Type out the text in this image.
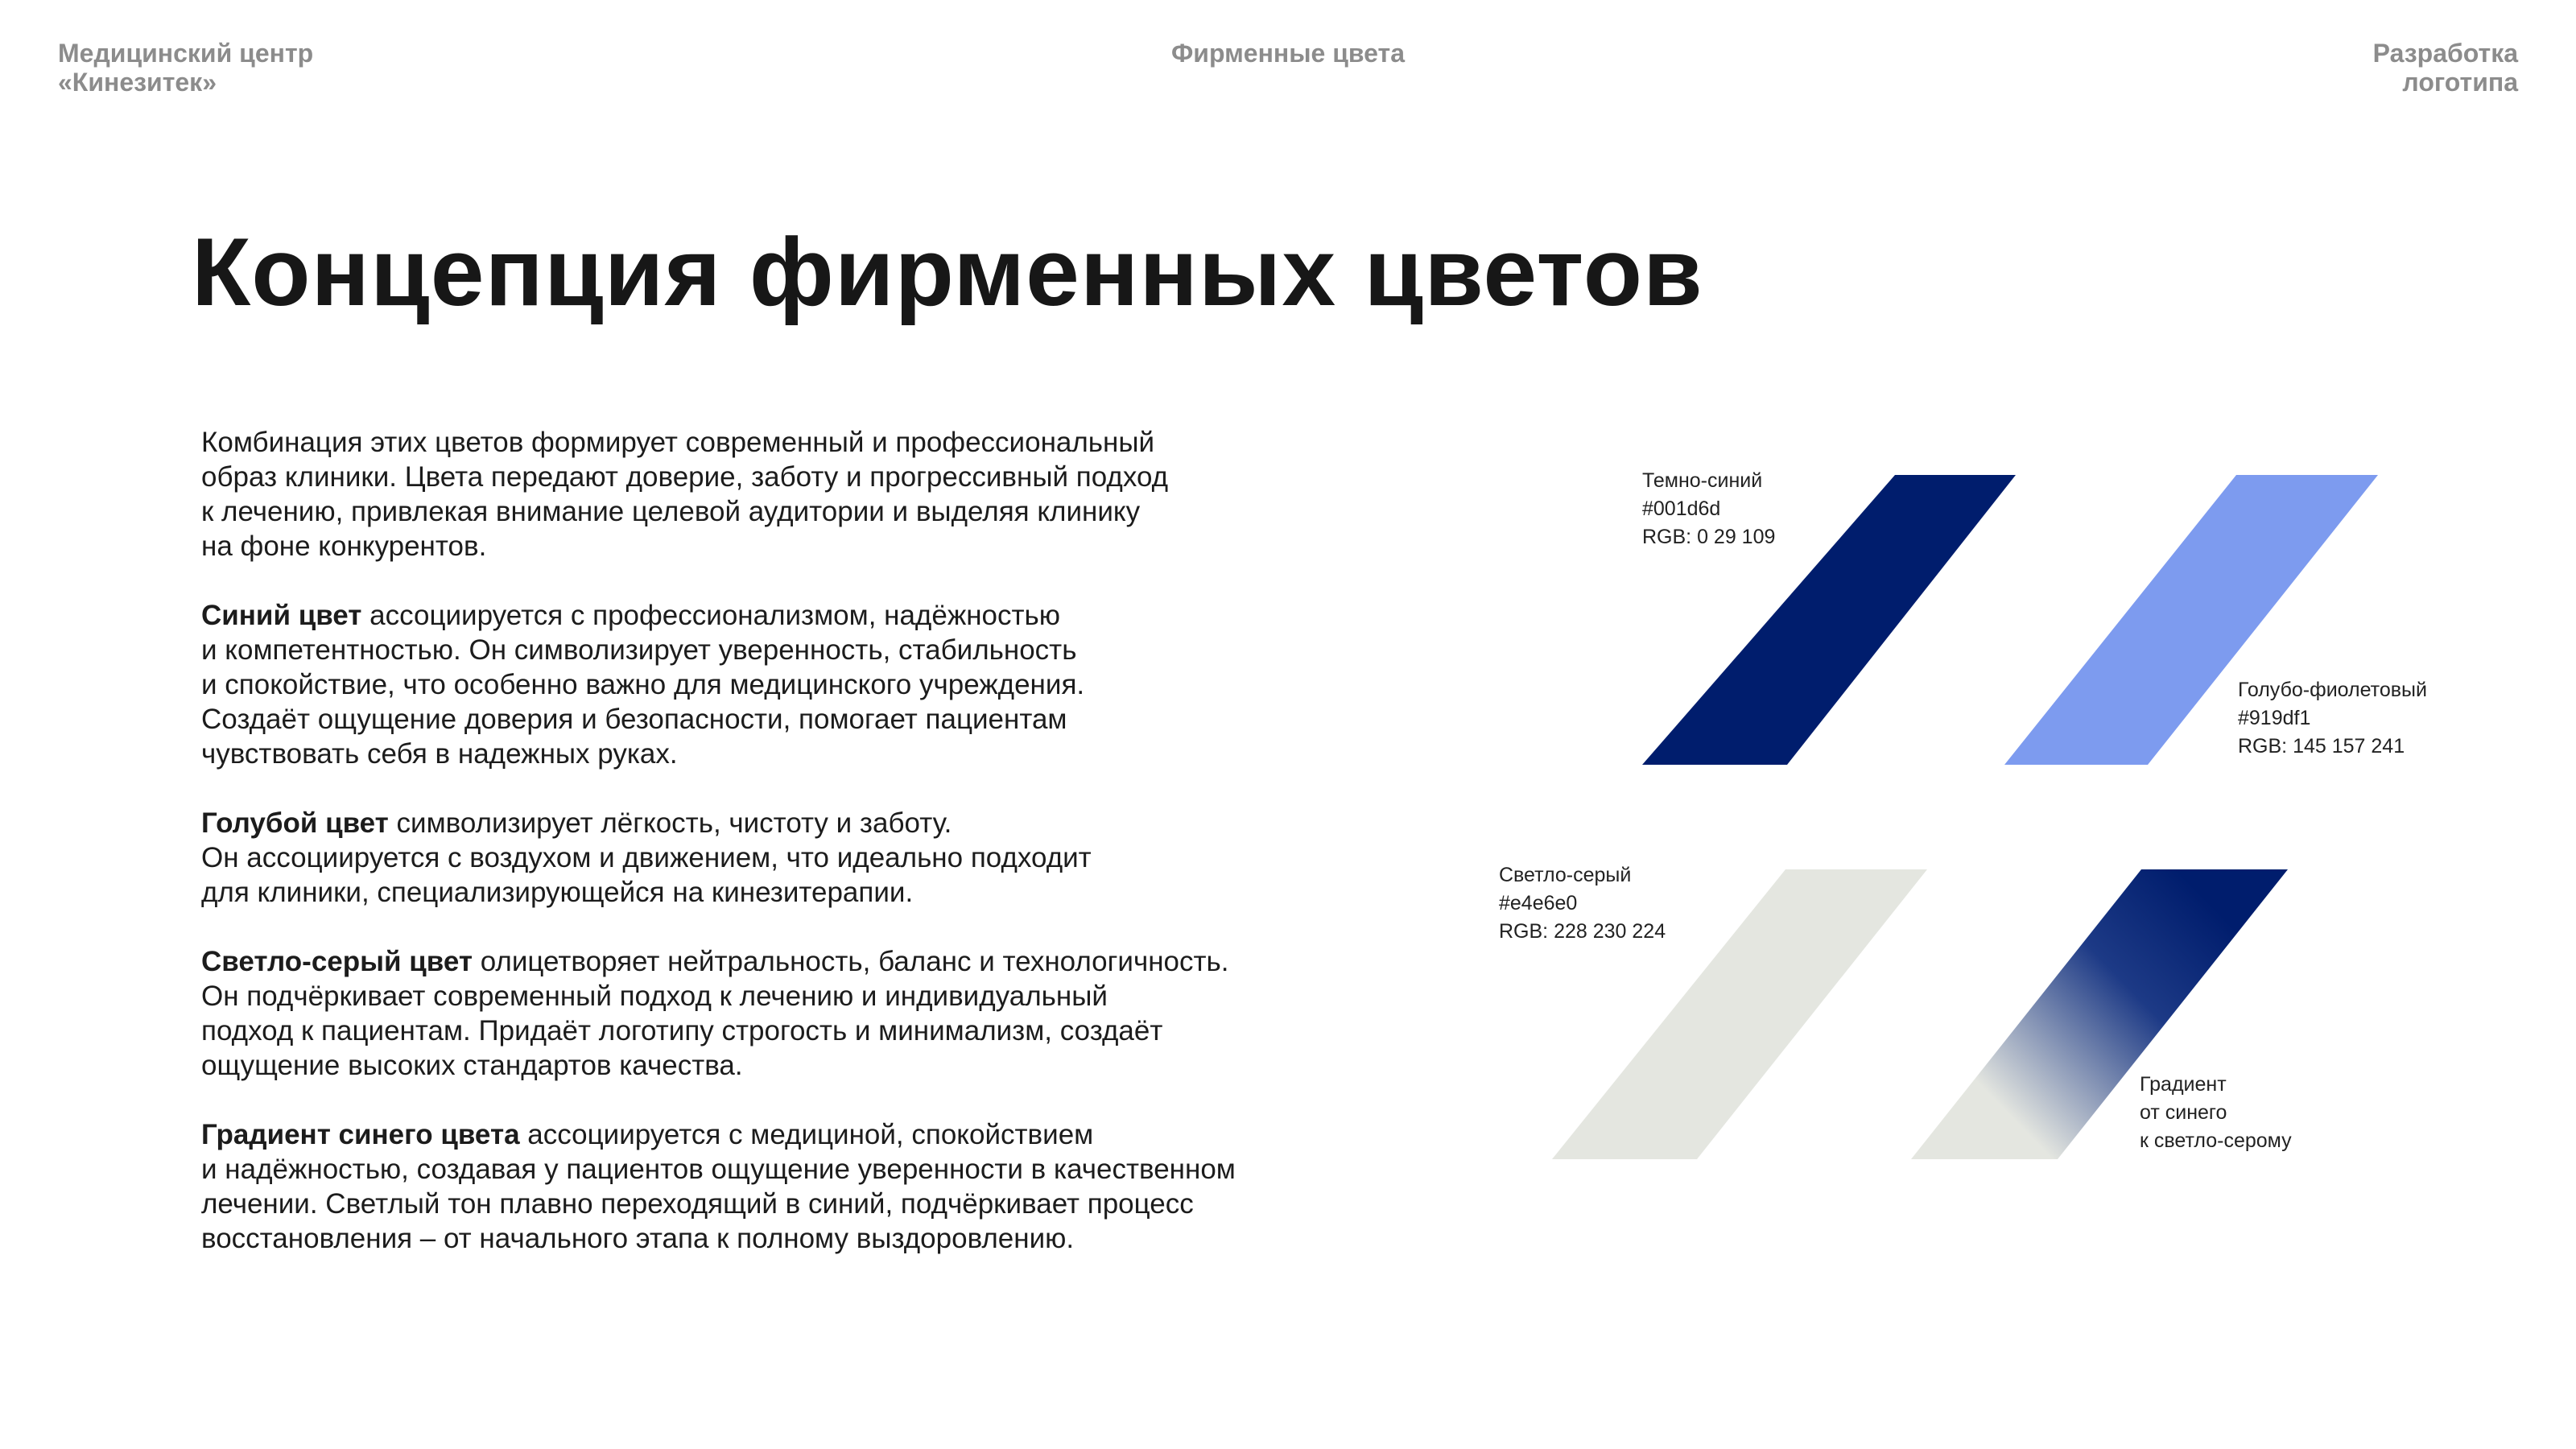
Медицинский центр
«Кинезитек»
Фирменные цвета	Разработка
логотипа
Концепция фирменных цветов

Комбинация этих цветов формирует современный и профессиональный
образ клиники. Цвета передают доверие, заботу и прогрессивный подход
к лечению, привлекая внимание целевой аудитории и выделяя клинику
на фоне конкурентов.

Синий цвет ассоциируется с профессионализмом, надёжностью
и компетентностью. Он символизирует уверенность, стабильность
и спокойствие, что особенно важно для медицинского учреждения.
Создаёт ощущение доверия и безопасности, помогает пациентам
чувствовать себя в надежных руках.

Голубой цвет символизирует лёгкость, чистоту и заботу.
Он ассоциируется с воздухом и движением, что идеально подходит
для клиники, специализирующейся на кинезитерапии.

Светло-серый цвет олицетворяет нейтральность, баланс и технологичность.
Он подчёркивает современный подход к лечению и индивидуальный
подход к пациентам. Придаёт логотипу строгость и минимализм, создаёт
ощущение высоких стандартов качества.

Градиент синего цвета ассоциируется с медициной, спокойствием
и надёжностью, создавая у пациентов ощущение уверенности в качественном
лечении. Светлый тон плавно переходящий в синий, подчёркивает процесс
восстановления – от начального этапа к полному выздоровлению.

Темно-синий
#001d6d
RGB: 0 29 109
Голубо-фиолетовый
#919df1
RGB: 145 157 241
Светло-серый
#e4e6e0
RGB: 228 230 224
Градиент
от синего
к светло-серому
